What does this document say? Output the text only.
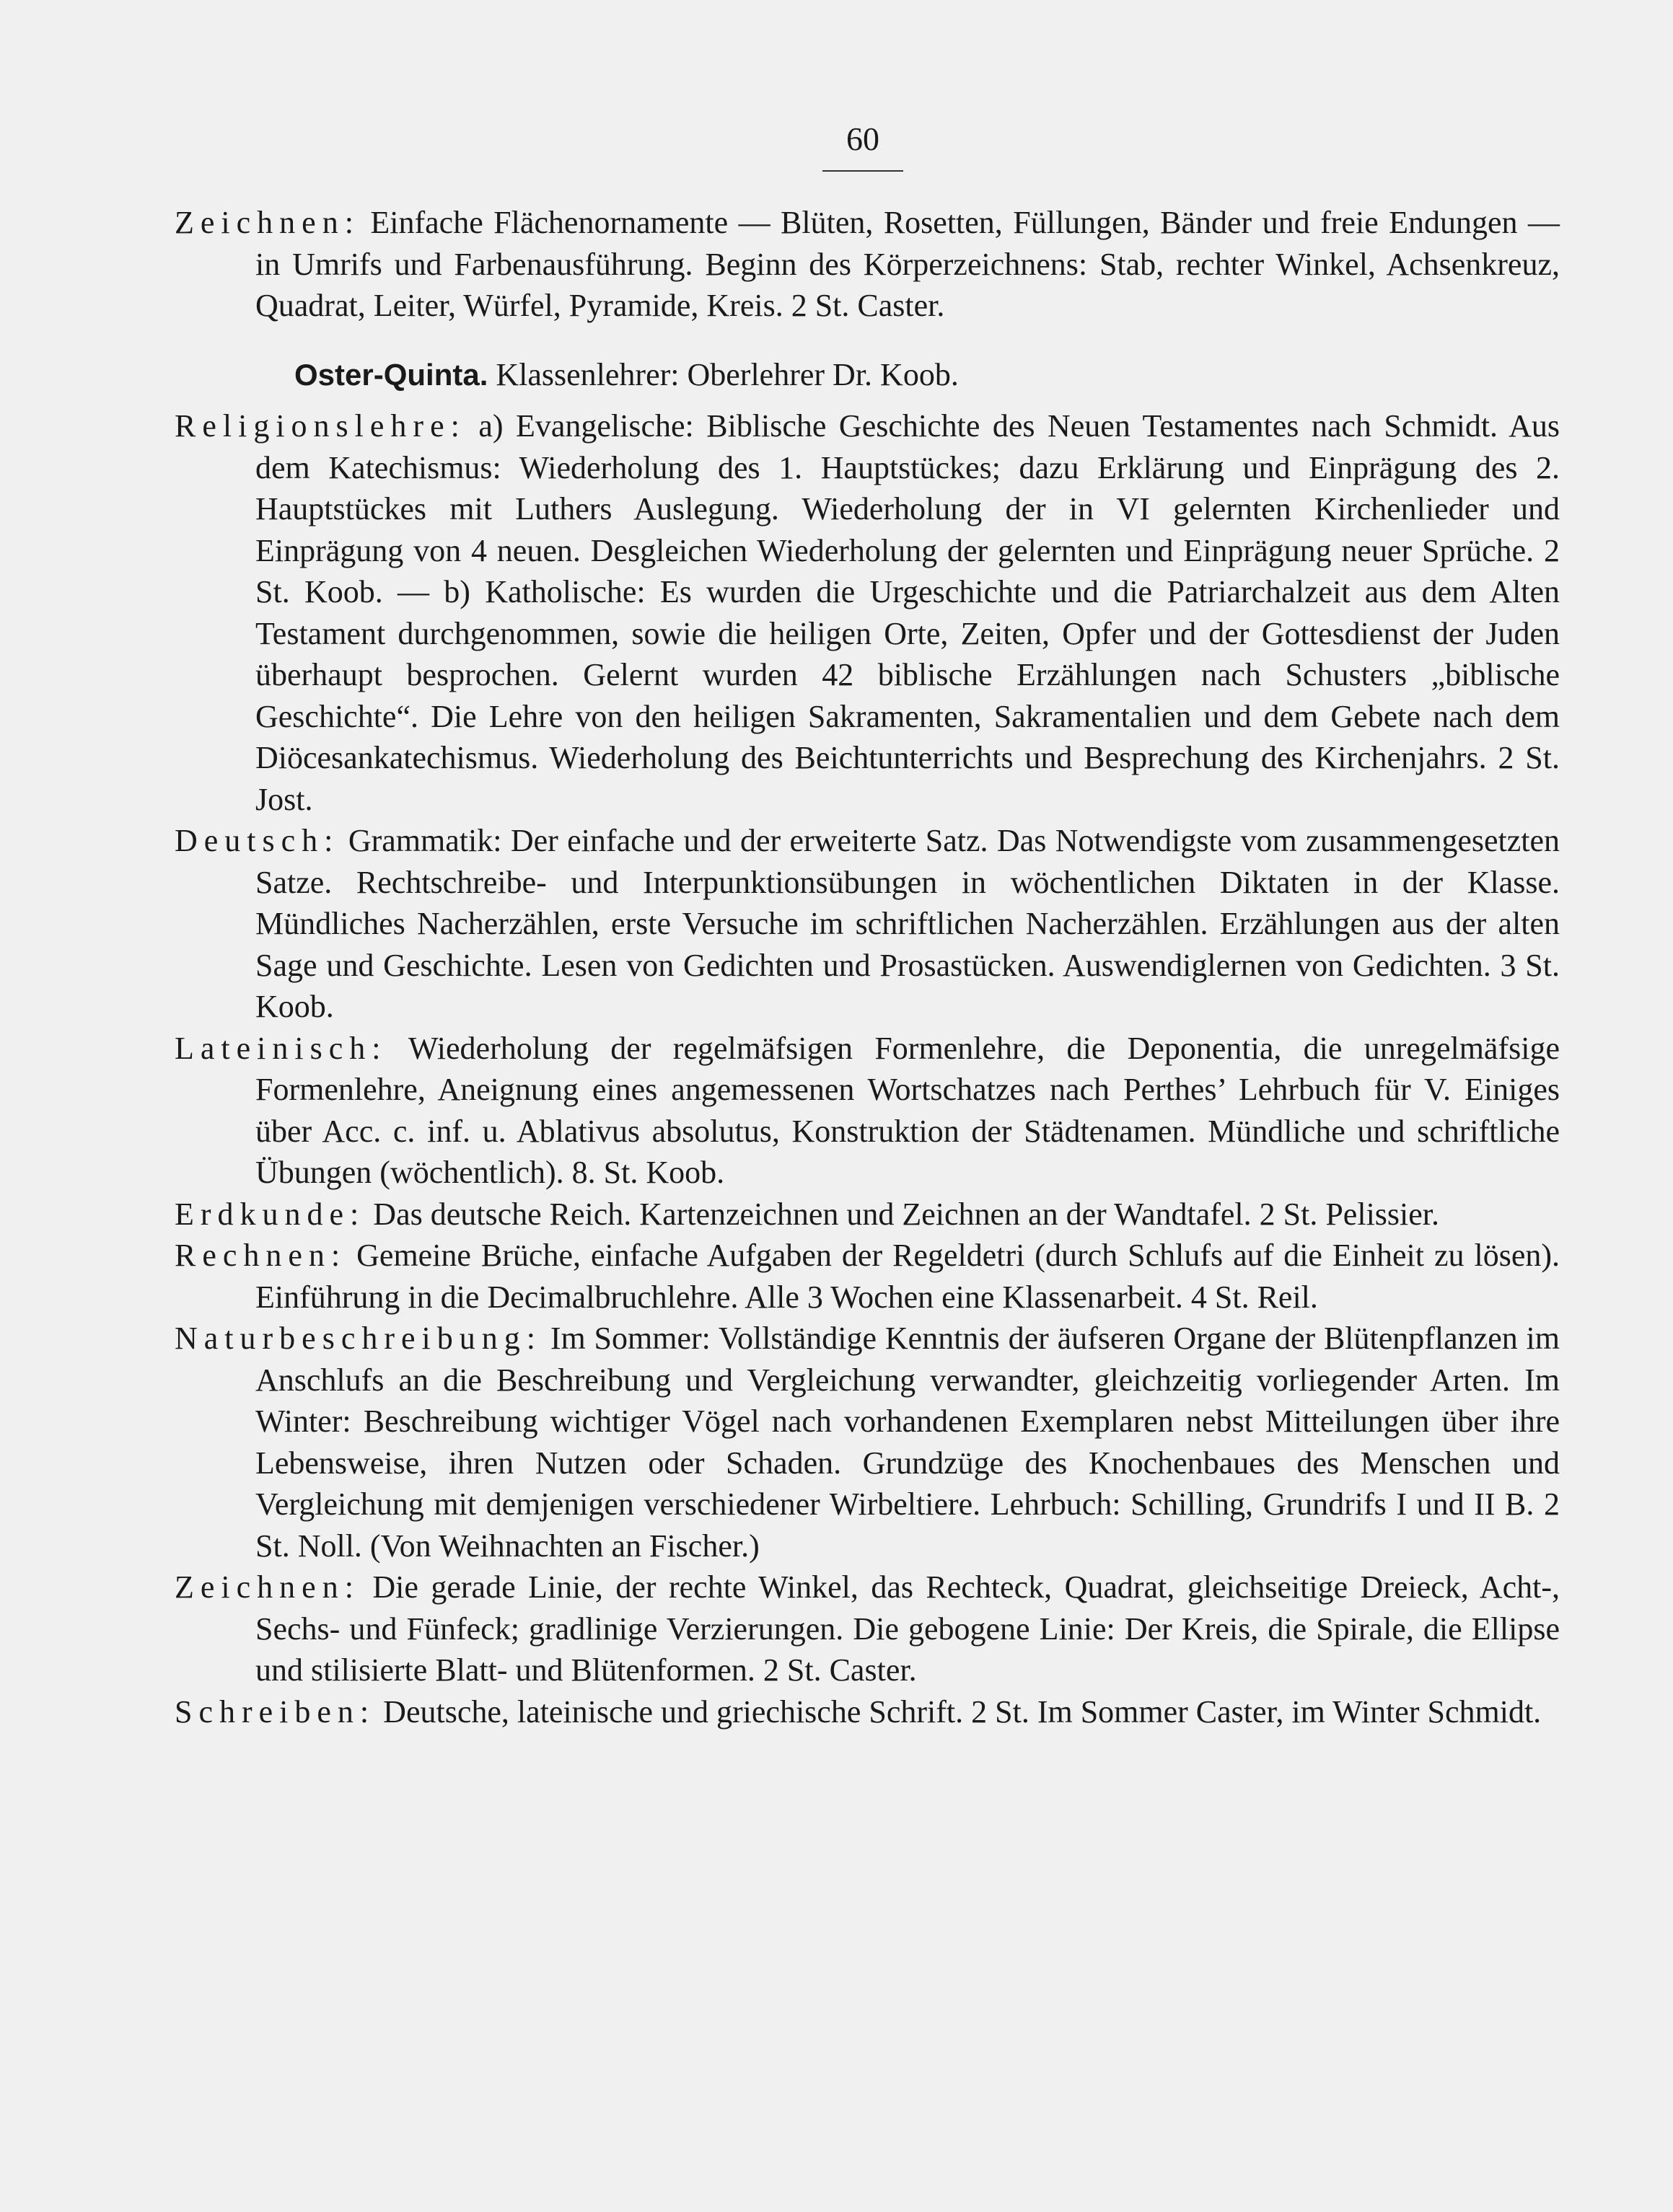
60

Zeichnen: Einfache Flächenornamente — Blüten, Rosetten, Füllungen, Bänder und freie Endungen — in Umrifs und Farbenausführung. Beginn des Körperzeichnens: Stab, rechter Winkel, Achsenkreuz, Quadrat, Leiter, Würfel, Pyramide, Kreis. 2 St. Caster.

Oster-Quinta. Klassenlehrer: Oberlehrer Dr. Koob.

Religionslehre: a) Evangelische: Biblische Geschichte des Neuen Testamentes nach Schmidt. Aus dem Katechismus: Wiederholung des 1. Hauptstückes; dazu Erklärung und Einprägung des 2. Hauptstückes mit Luthers Auslegung. Wiederholung der in VI gelernten Kirchenlieder und Einprägung von 4 neuen. Desgleichen Wiederholung der gelernten und Einprägung neuer Sprüche. 2 St. Koob. — b) Katholische: Es wurden die Urgeschichte und die Patriarchalzeit aus dem Alten Testament durchgenommen, sowie die heiligen Orte, Zeiten, Opfer und der Gottesdienst der Juden überhaupt besprochen. Gelernt wurden 42 biblische Erzählungen nach Schusters „biblische Geschichte“. Die Lehre von den heiligen Sakramenten, Sakramentalien und dem Gebete nach dem Diöcesankatechismus. Wiederholung des Beichtunterrichts und Besprechung des Kirchenjahrs. 2 St. Jost.

Deutsch: Grammatik: Der einfache und der erweiterte Satz. Das Notwendigste vom zusammengesetzten Satze. Rechtschreibe- und Interpunktionsübungen in wöchentlichen Diktaten in der Klasse. Mündliches Nacherzählen, erste Versuche im schriftlichen Nacherzählen. Erzählungen aus der alten Sage und Geschichte. Lesen von Gedichten und Prosastücken. Auswendiglernen von Gedichten. 3 St. Koob.

Lateinisch: Wiederholung der regelmäfsigen Formenlehre, die Deponentia, die unregelmäfsige Formenlehre, Aneignung eines angemessenen Wortschatzes nach Perthes’ Lehrbuch für V. Einiges über Acc. c. inf. u. Ablativus absolutus, Konstruktion der Städtenamen. Mündliche und schriftliche Übungen (wöchentlich). 8. St. Koob.

Erdkunde: Das deutsche Reich. Kartenzeichnen und Zeichnen an der Wandtafel. 2 St. Pelissier.

Rechnen: Gemeine Brüche, einfache Aufgaben der Regeldetri (durch Schlufs auf die Einheit zu lösen). Einführung in die Decimalbruchlehre. Alle 3 Wochen eine Klassenarbeit. 4 St. Reil.

Naturbeschreibung: Im Sommer: Vollständige Kenntnis der äufseren Organe der Blütenpflanzen im Anschlufs an die Beschreibung und Vergleichung verwandter, gleichzeitig vorliegender Arten. Im Winter: Beschreibung wichtiger Vögel nach vorhandenen Exemplaren nebst Mitteilungen über ihre Lebensweise, ihren Nutzen oder Schaden. Grundzüge des Knochenbaues des Menschen und Vergleichung mit demjenigen verschiedener Wirbeltiere. Lehrbuch: Schilling, Grundrifs I und II B. 2 St. Noll. (Von Weihnachten an Fischer.)

Zeichnen: Die gerade Linie, der rechte Winkel, das Rechteck, Quadrat, gleichseitige Dreieck, Acht-, Sechs- und Fünfeck; gradlinige Verzierungen. Die gebogene Linie: Der Kreis, die Spirale, die Ellipse und stilisierte Blatt- und Blütenformen. 2 St. Caster.

Schreiben: Deutsche, lateinische und griechische Schrift. 2 St. Im Sommer Caster, im Winter Schmidt.
